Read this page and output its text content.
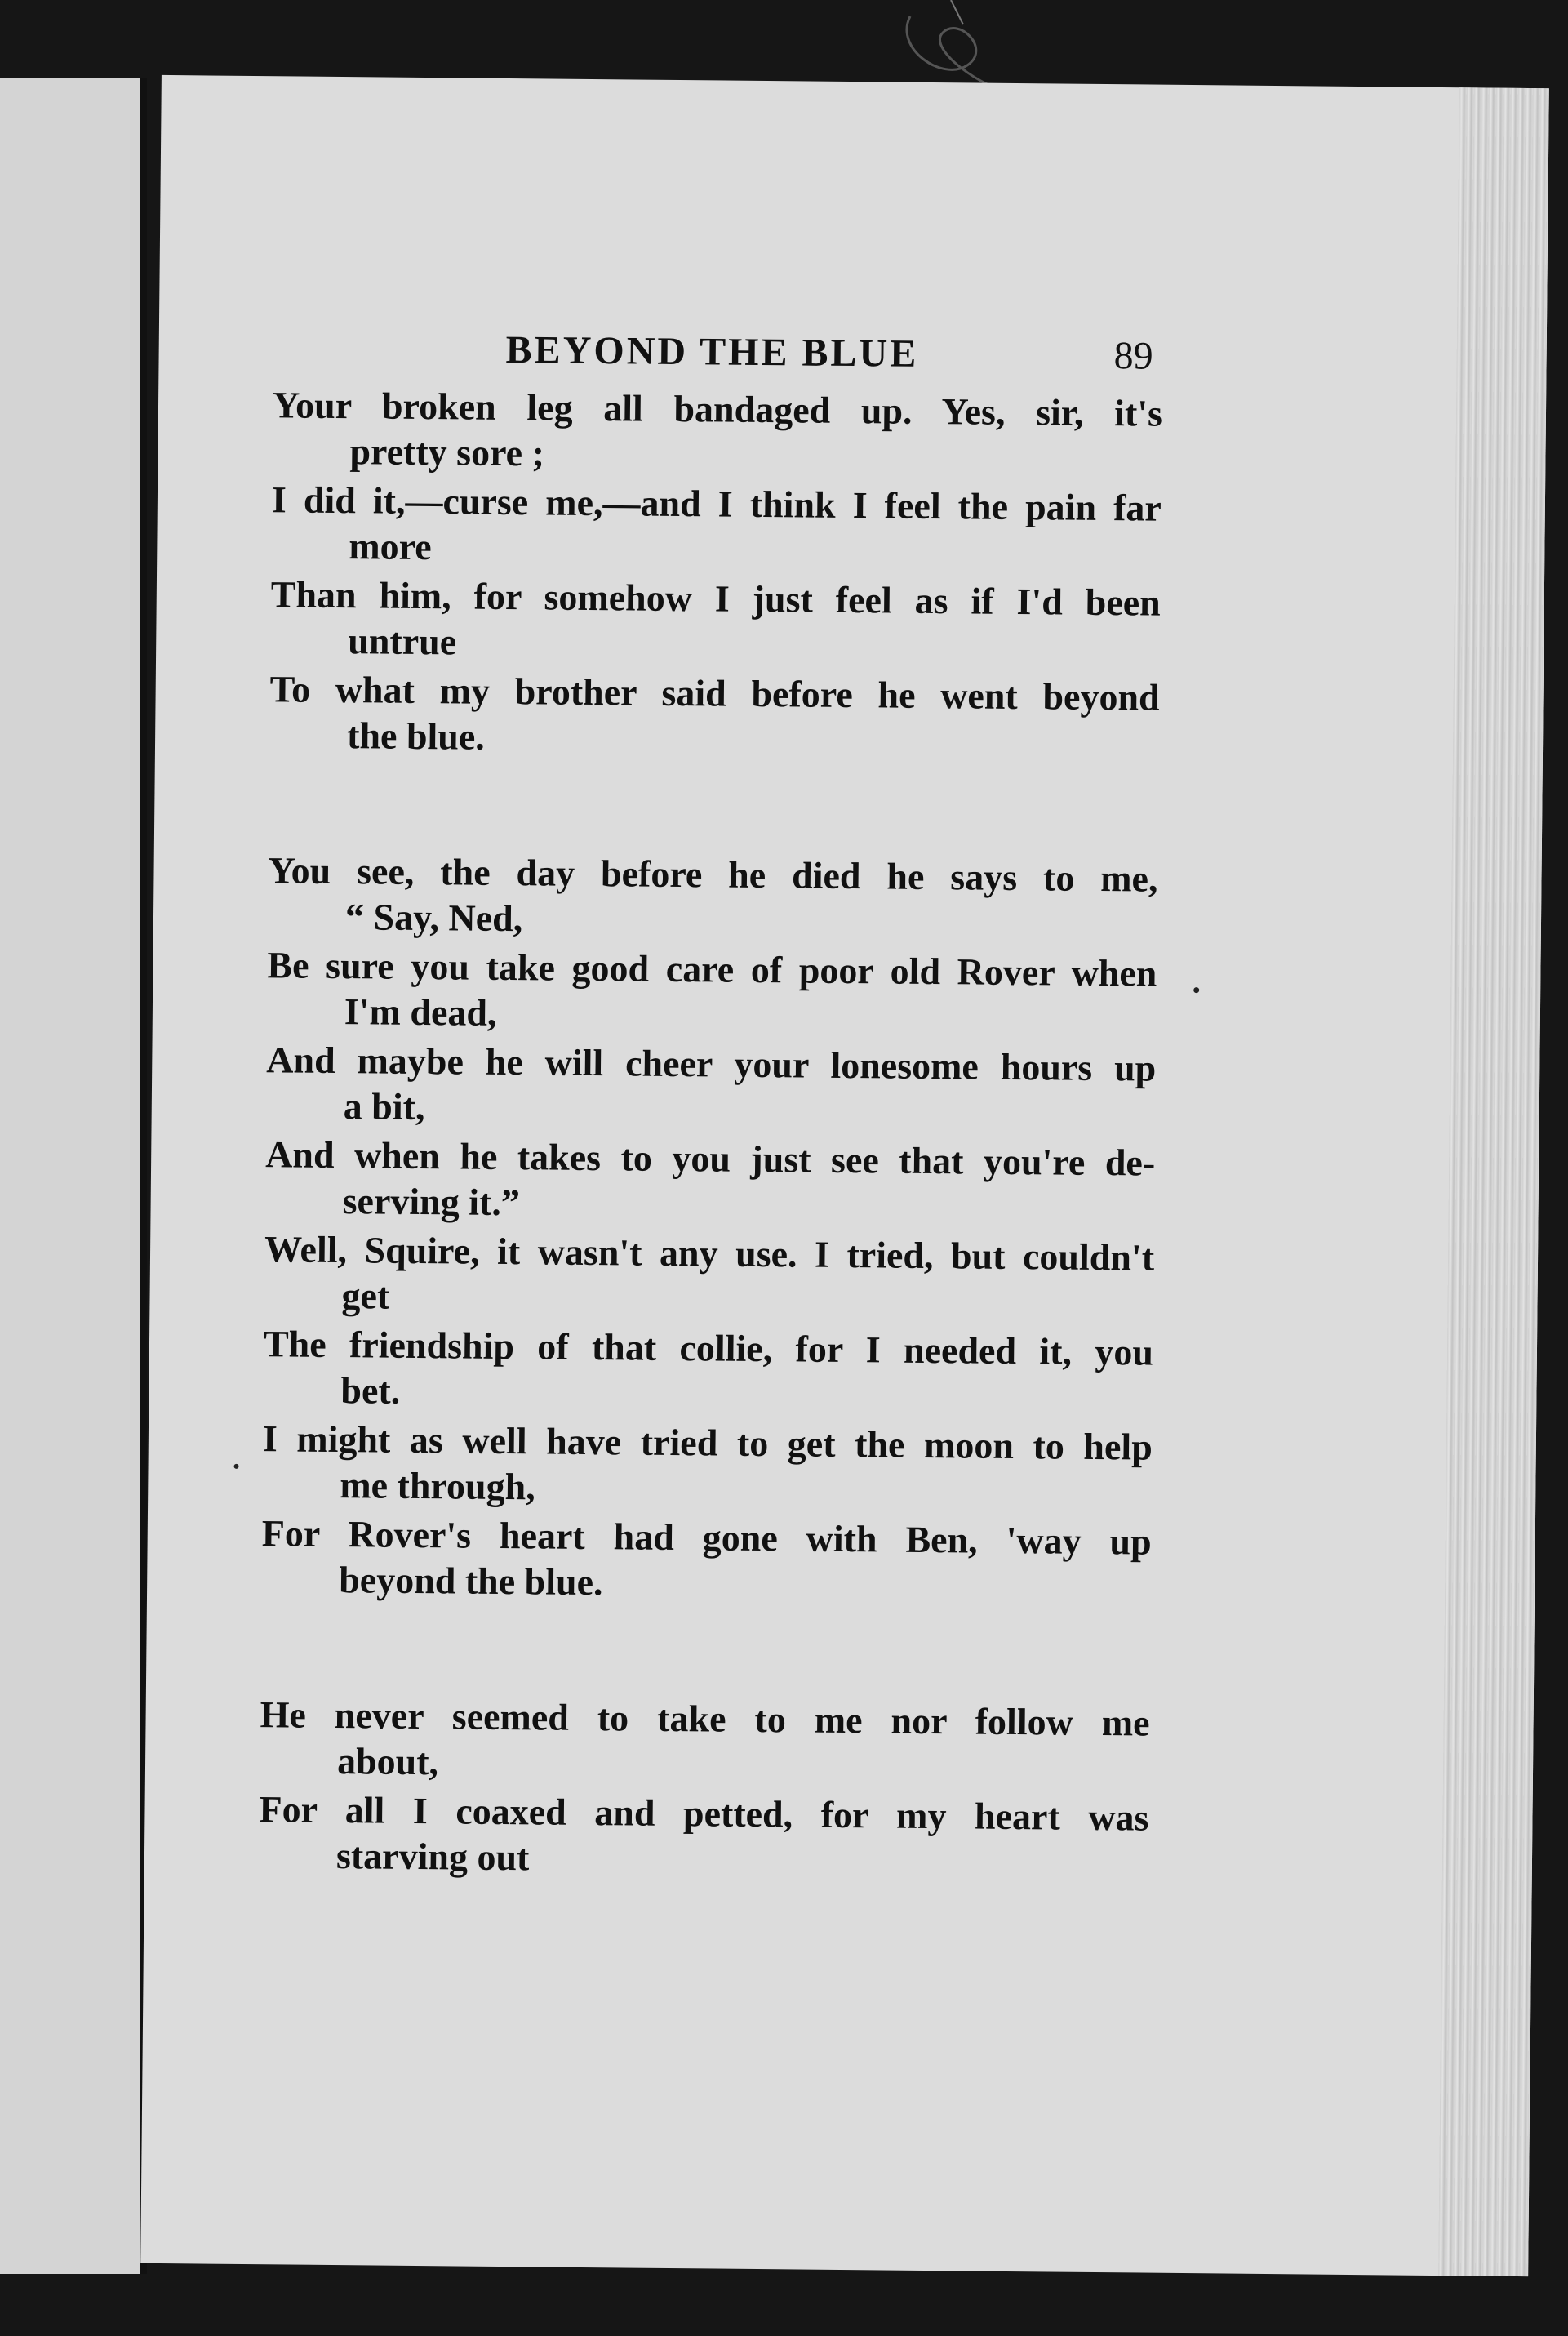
BEYOND THE BLUE	89
Your broken leg all bandaged up. Yes, sir, it's
pretty sore ;
I did it,—curse me,—and I think I feel the pain far
more
Than him, for somehow I just feel as if I'd been
untrue
To what my brother said before he went beyond
the blue.
You see, the day before he died he says to me,
“ Say, Ned,
Be sure you take good care of poor old Rover when
I'm dead,
And maybe he will cheer your lonesome hours up
a bit,
And when he takes to you just see that you're de-
serving it.”
Well, Squire, it wasn't any use. I tried, but couldn't
get
The friendship of that collie, for I needed it, you
bet.
I might as well have tried to get the moon to help
me through,
For Rover's heart had gone with Ben, 'way up
beyond the blue.
He never seemed to take to me nor follow me
about,
For all I coaxed and petted, for my heart was
starving out
